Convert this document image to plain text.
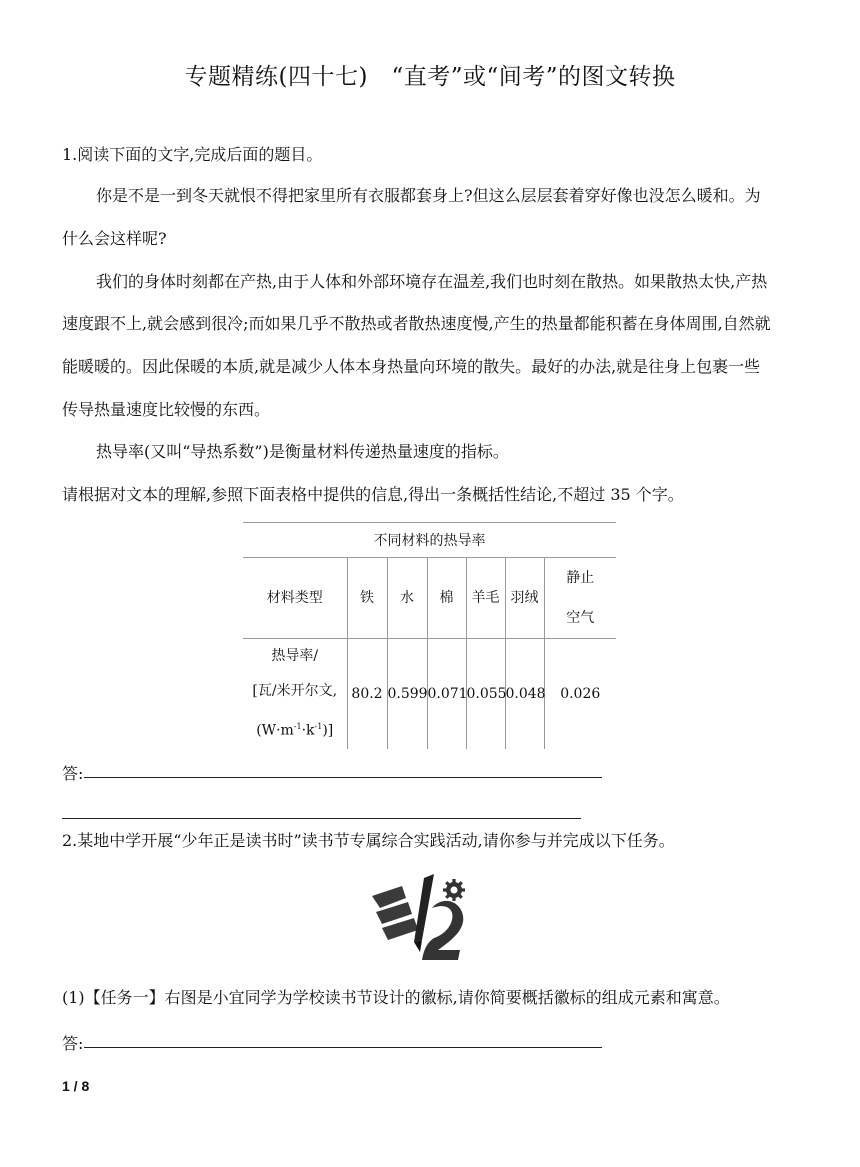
专题精练(四十七)　“直考”或“间考”的图文转换
1.阅读下面的文字,完成后面的题目。
你是不是一到冬天就恨不得把家里所有衣服都套身上?但这么层层套着穿好像也没怎么暖和。为
什么会这样呢?
我们的身体时刻都在产热,由于人体和外部环境存在温差,我们也时刻在散热。如果散热太快,产热
速度跟不上,就会感到很冷;而如果几乎不散热或者散热速度慢,产生的热量都能积蓄在身体周围,自然就
能暖暖的。因此保暖的本质,就是减少人体本身热量向环境的散失。最好的办法,就是往身上包裹一些
传导热量速度比较慢的东西。
热导率(又叫“导热系数”)是衡量材料传递热量速度的指标。
请根据对文本的理解,参照下面表格中提供的信息,得出一条概括性结论,不超过 35 个字。
不同材料的热导率						
材料类型	铁	水	棉	羊毛	羽绒	静止
空气

热导率/
[瓦/米开尔文,
$(W\cdot m^{-1}\cdot k^{-1})$]	80.2	0.599	0.071	0.055	0.048	0.026
答:
2.某地中学开展“少年正是读书时”读书节专属综合实践活动,请你参与并完成以下任务。
(1)【任务一】右图是小宜同学为学校读书节设计的徽标,请你简要概括徽标的组成元素和寓意。
答:
1 / 8
